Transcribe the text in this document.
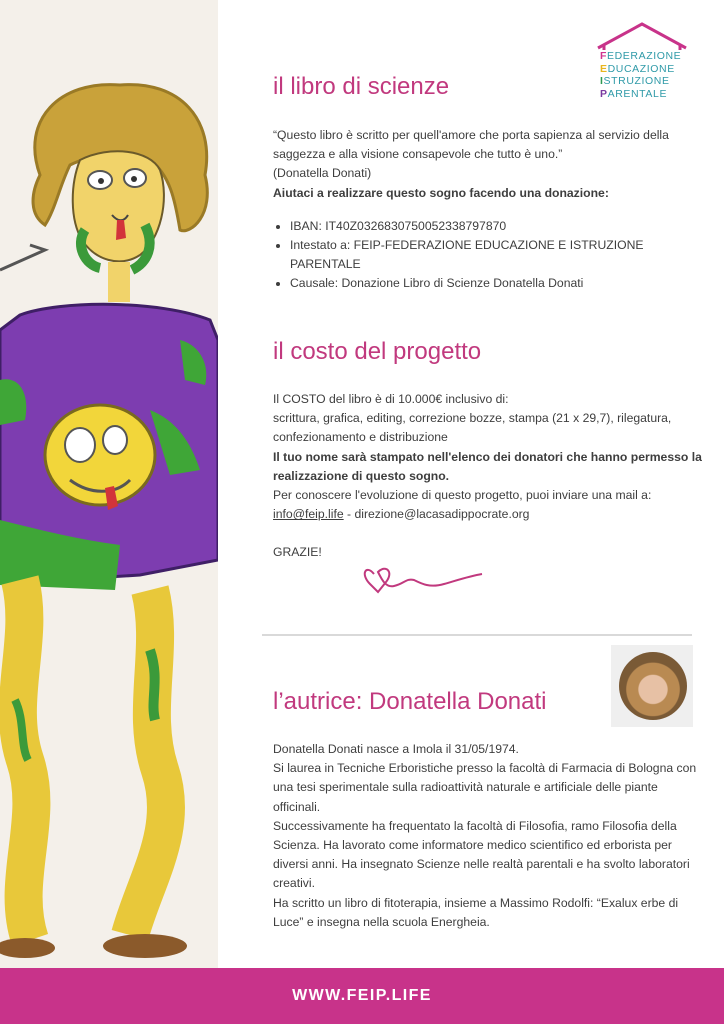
FEDERAZIONE
EDUCAZIONE
ISTRUZIONE
PARENTALE
il libro di scienze

“Questo libro è scritto per quell'amore che porta sapienza al servizio della saggezza e alla visione consapevole che tutto è uno.”

(Donatella Donati)

Aiutaci a realizzare questo sogno facendo una donazione:

• IBAN: IT40Z0326830750052338797870
• Intestato a: FEIP-FEDERAZIONE EDUCAZIONE E ISTRUZIONE PARENTALE
• Causale: Donazione Libro di Scienze Donatella Donati
il costo del progetto

Il COSTO del libro è di 10.000€ inclusivo di:

scrittura, grafica, editing, correzione bozze, stampa (21 x 29,7), rilegatura, confezionamento e distribuzione

Il tuo nome sarà stampato nell'elenco dei donatori che hanno permesso la realizzazione di questo sogno.

Per conoscere l'evoluzione di questo progetto, puoi inviare una mail a:

info@feip.life - direzione@lacasadippocrate.org

GRAZIE!

l’autrice: Donatella Donati

Donatella Donati nasce a Imola il 31/05/1974.

Si laurea in Tecniche Erboristiche presso la facoltà di Farmacia di Bologna con una tesi sperimentale sulla radioattività naturale e artificiale delle piante officinali.

Successivamente ha frequentato la facoltà di Filosofia, ramo Filosofia della Scienza. Ha lavorato come informatore medico scientifico ed erborista per diversi anni. Ha insegnato Scienze nelle realtà parentali e ha svolto laboratori creativi.

Ha scritto un libro di fitoterapia, insieme a Massimo Rodolfi: “Exalux erbe di Luce” e insegna nella scuola Energheia.

WWW.FEIP.LIFE
